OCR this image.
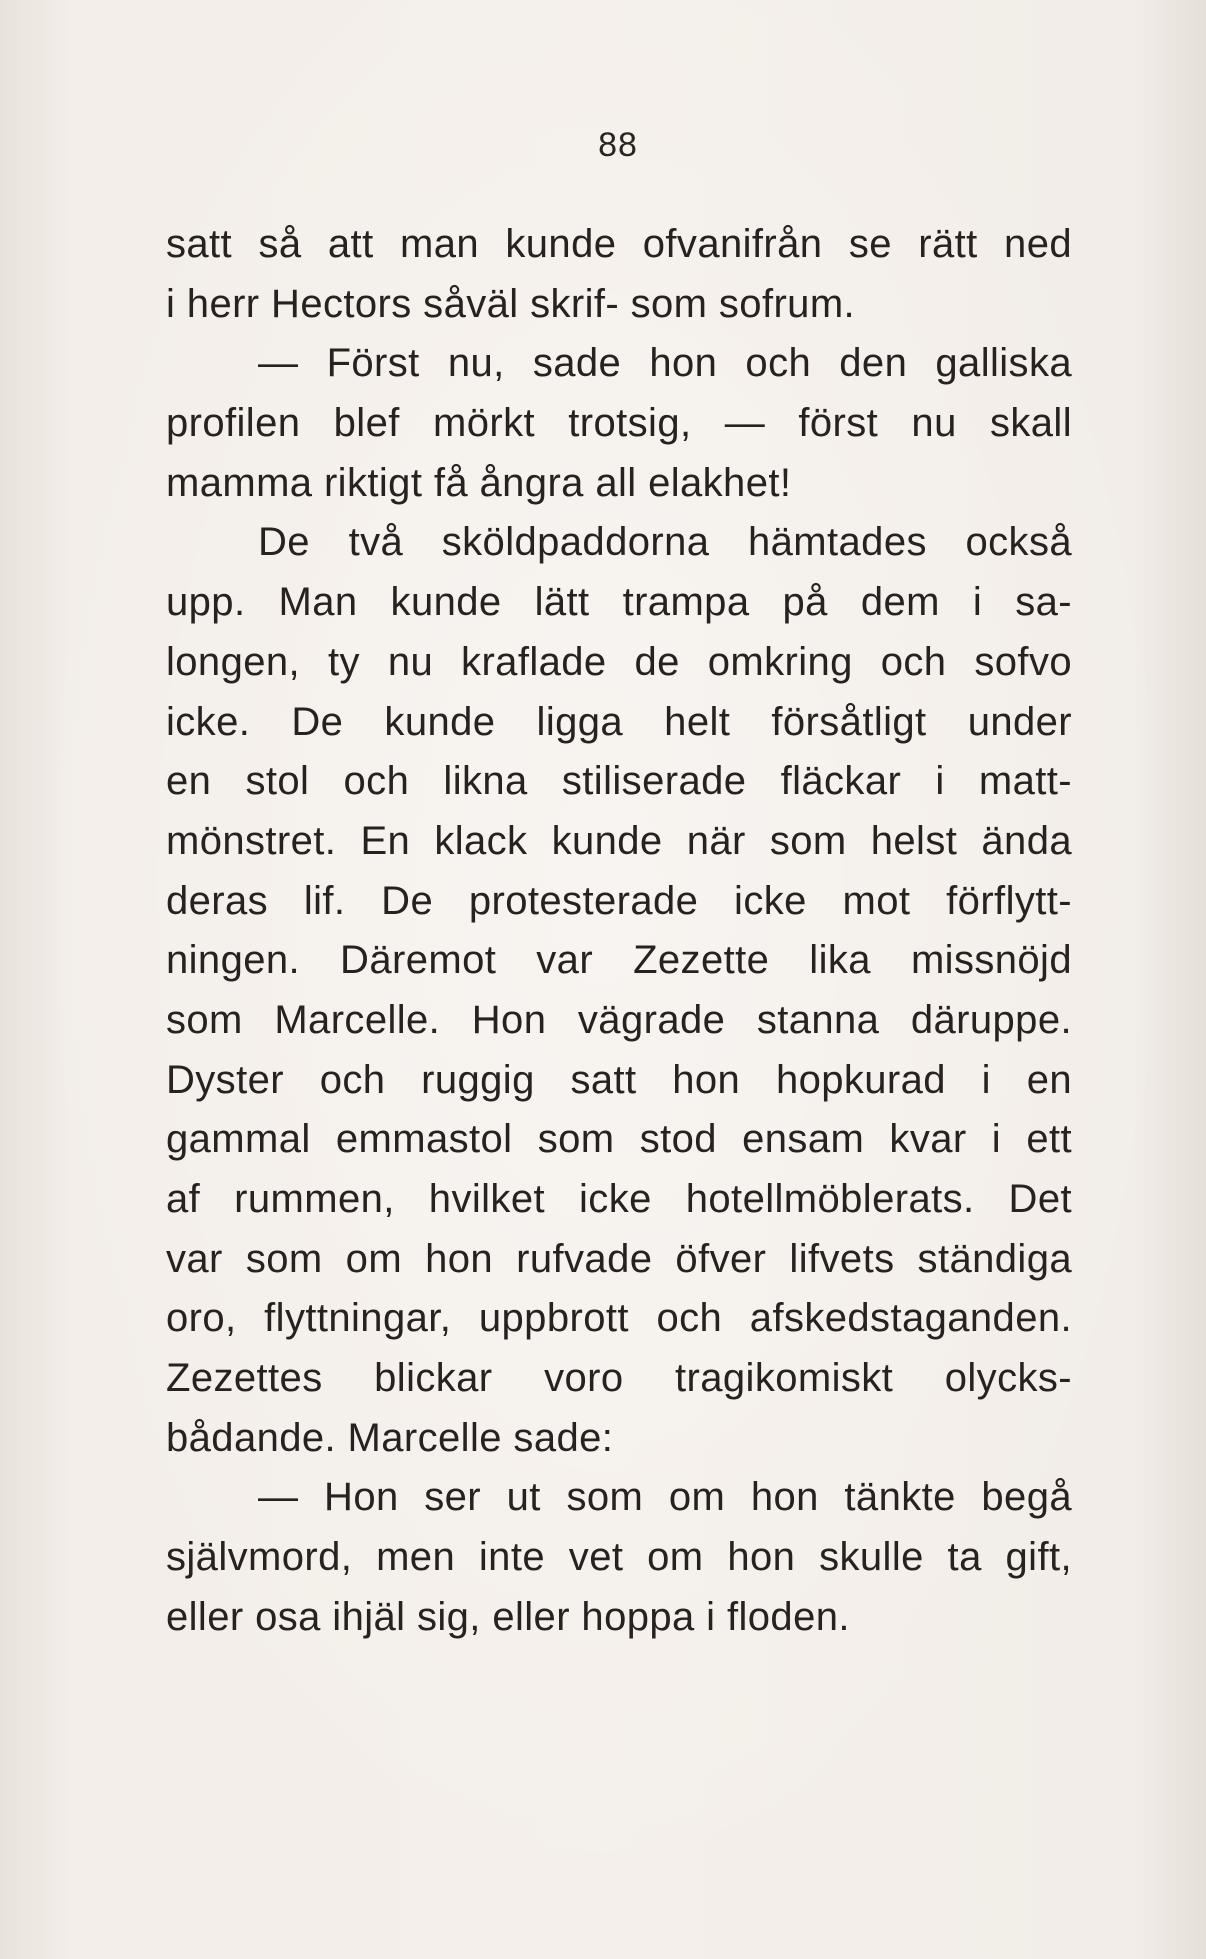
88
satt så att man kunde ofvanifrån se rätt ned
i herr Hectors såväl skrif- som sofrum.
— Först nu, sade hon och den galliska
profilen blef mörkt trotsig, — först nu skall
mamma riktigt få ångra all elakhet!
De två sköldpaddorna hämtades också
upp. Man kunde lätt trampa på dem i sa-
longen, ty nu kraflade de omkring och sofvo
icke. De kunde ligga helt försåtligt under
en stol och likna stiliserade fläckar i matt-
mönstret. En klack kunde när som helst ända
deras lif. De protesterade icke mot förflytt-
ningen. Däremot var Zezette lika missnöjd
som Marcelle. Hon vägrade stanna däruppe.
Dyster och ruggig satt hon hopkurad i en
gammal emmastol som stod ensam kvar i ett
af rummen, hvilket icke hotellmöblerats. Det
var som om hon rufvade öfver lifvets ständiga
oro, flyttningar, uppbrott och afskedstaganden.
Zezettes blickar voro tragikomiskt olycks-
bådande. Marcelle sade:
— Hon ser ut som om hon tänkte begå
självmord, men inte vet om hon skulle ta gift,
eller osa ihjäl sig, eller hoppa i floden.
